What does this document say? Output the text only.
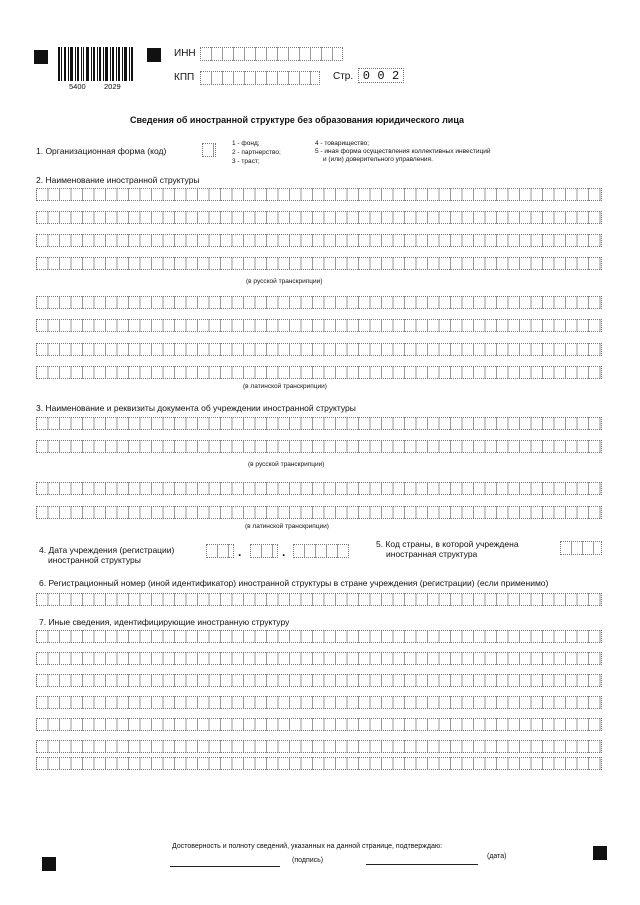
5400 2029
ИНН
КПП	Стр. 0 0 2
Сведения об иностранной структуре без образования юридического лица
1. Организационная форма (код)
1 - фонд;
2 - партнерство;
3 - траст;
4 - товарищество;
5 - иная форма осуществления коллективных инвестиций
и (или) доверительного управления.
2. Наименование иностранной структуры
(в русской транскрипции)
(в латинской транскрипции)
3. Наименование и реквизиты документа об учреждении иностранной структуры
(в русской транскрипции)
(в латинской транскрипции)
4. Дата учреждения (регистрации)
иностранной структуры
.	.
5. Код страны, в которой учреждена
иностранная структура
6. Регистрационный номер (иной идентификатор) иностранной структуры в стране учреждения (регистрации) (если применимо)
7. Иные сведения, идентифицирующие иностранную структуру
Достоверность и полноту сведений, указанных на данной странице, подтверждаю:
(подпись)
(дата)
